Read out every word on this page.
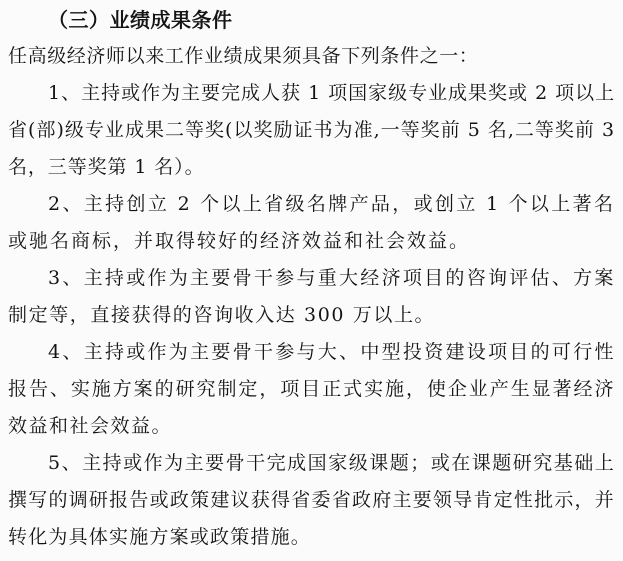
（三）业绩成果条件

任高级经济师以来工作业绩成果须具备下列条件之一：

1、主持或作为主要完成人获 1 项国家级专业成果奖或 2 项以上省(部)级专业成果二等奖(以奖励证书为准,一等奖前 5 名,二等奖前 3 名，三等奖第 1 名）。

2、主持创立 2 个以上省级名牌产品，或创立 1 个以上著名或驰名商标，并取得较好的经济效益和社会效益。

3、主持或作为主要骨干参与重大经济项目的咨询评估、方案制定等，直接获得的咨询收入达 300 万以上。

4、主持或作为主要骨干参与大、中型投资建设项目的可行性报告、实施方案的研究制定，项目正式实施，使企业产生显著经济效益和社会效益。

5、主持或作为主要骨干完成国家级课题；或在课题研究基础上撰写的调研报告或政策建议获得省委省政府主要领导肯定性批示，并转化为具体实施方案或政策措施。
